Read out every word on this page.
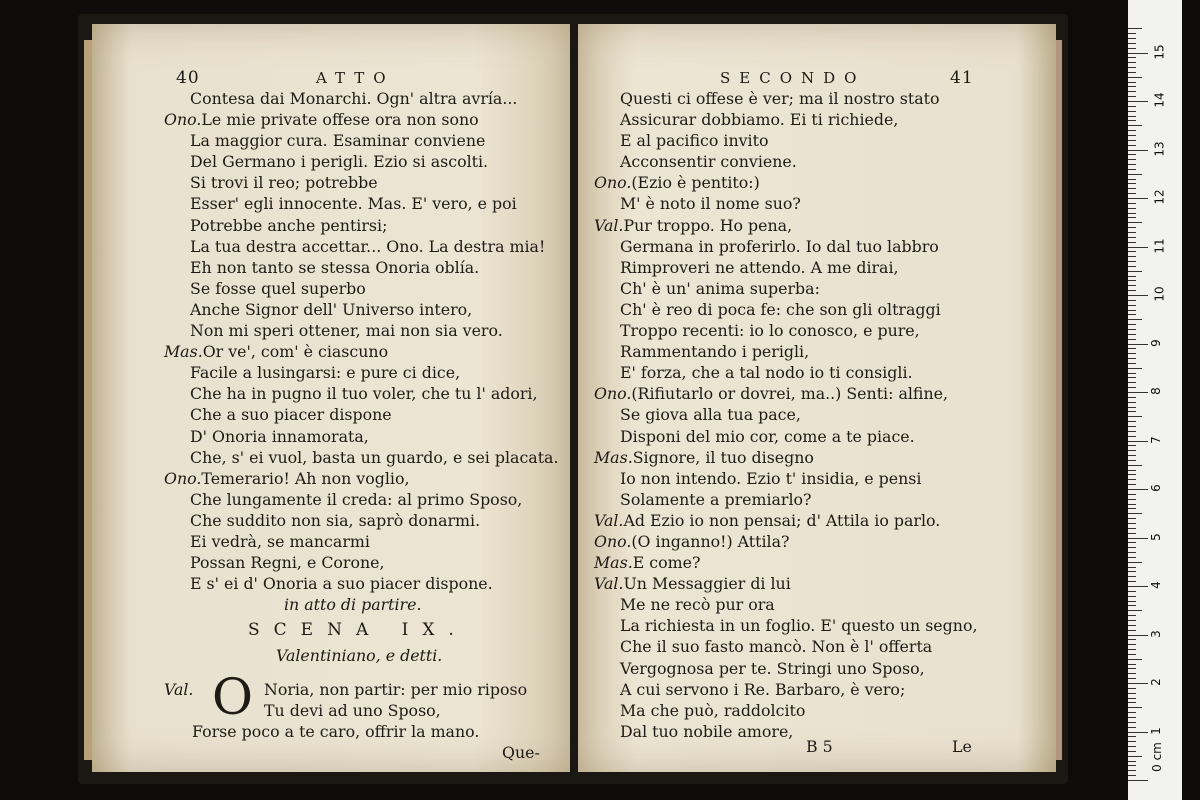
40	ATTO
Contesa dai Monarchi. Ogn' altra avría...
Ono.Le mie private offese ora non sono
La maggior cura. Esaminar conviene
Del Germano i perigli. Ezio si ascolti.
Si trovi il reo; potrebbe
Esser' egli innocente. Mas. E' vero, e poi
Potrebbe anche pentirsi;
La tua destra accettar... Ono. La destra mia!
Eh non tanto se stessa Onoria oblía.
Se fosse quel superbo
Anche Signor dell' Universo intero,
Non mi speri ottener, mai non sia vero.
Mas.Or ve', com' è ciascuno
Facile a lusingarsi: e pure ci dice,
Che ha in pugno il tuo voler, che tu l' adori,
Che a suo piacer dispone
D' Onoria innamorata,
Che, s' ei vuol, basta un guardo, e sei placata.
Ono.Temerario! Ah non voglio,
Che lungamente il creda: al primo Sposo,
Che suddito non sia, saprò donarmi.
Ei vedrà, se mancarmi
Possan Regni, e Corone,
E s' ei d' Onoria a suo piacer dispone.
in atto di partire.
SCENA IX.
Valentiniano, e detti.
Val. O Noria, non partir: per mio riposo
Tu devi ad uno Sposo,
Forse poco a te caro, offrir la mano.
Que-
SECONDO	41
Questi ci offese è ver; ma il nostro stato
Assicurar dobbiamo. Ei ti richiede,
E al pacifico invito
Acconsentir conviene.
Ono.(Ezio è pentito:)
M' è noto il nome suo?
Val.Pur troppo. Ho pena,
Germana in proferirlo. Io dal tuo labbro
Rimproveri ne attendo. A me dirai,
Ch' è un' anima superba:
Ch' è reo di poca fe: che son gli oltraggi
Troppo recenti: io lo conosco, e pure,
Rammentando i perigli,
E' forza, che a tal nodo io ti consigli.
Ono.(Rifiutarlo or dovrei, ma..) Senti: alfine,
Se giova alla tua pace,
Disponi del mio cor, come a te piace.
Mas.Signore, il tuo disegno
Io non intendo. Ezio t' insidia, e pensi
Solamente a premiarlo?
Val.Ad Ezio io non pensai; d' Attila io parlo.
Ono.(O inganno!) Attila?
Mas.E come?
Val.Un Messaggier di lui
Me ne recò pur ora
La richiesta in un foglio. E' questo un segno,
Che il suo fasto mancò. Non è l' offerta
Vergognosa per te. Stringi uno Sposo,
A cui servono i Re. Barbaro, è vero;
Ma che può, raddolcito
Dal tuo nobile amore,
B 5	Le	0 cm
1
2
3
4
5
6
7
8
9
10
11
12
13
14
15
